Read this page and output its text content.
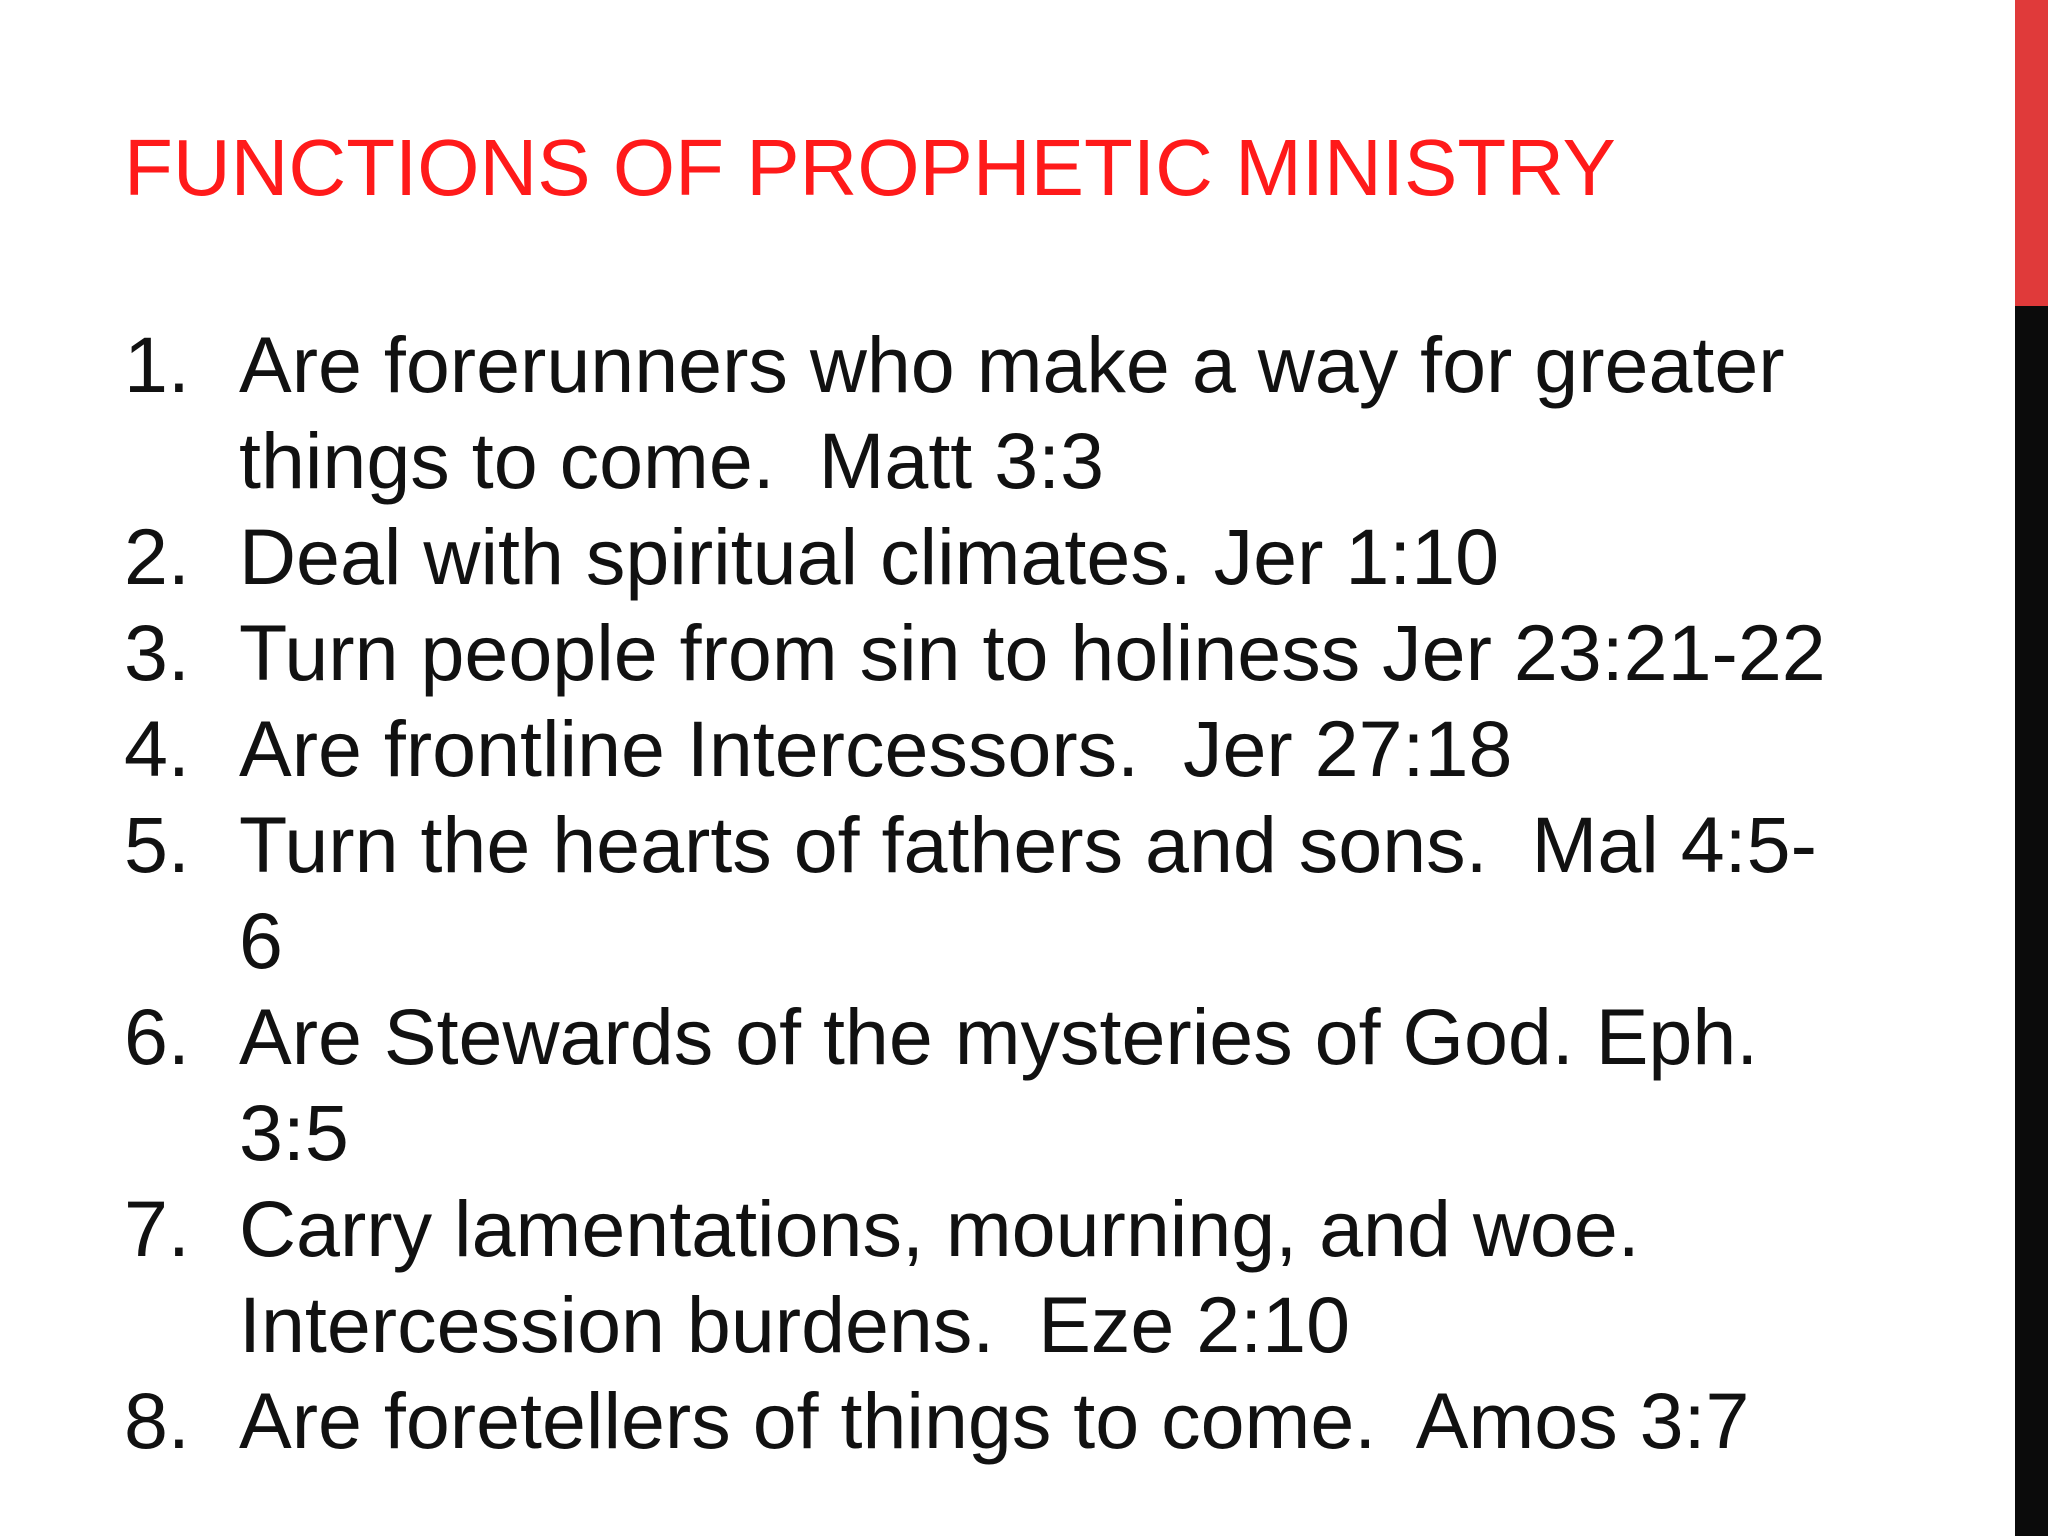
FUNCTIONS OF PROPHETIC MINISTRY
1. Are forerunners who make a way for greater
things to come.  Matt 3:3
2. Deal with spiritual climates. Jer 1:10
3. Turn people from sin to holiness Jer 23:21-22
4. Are frontline Intercessors.  Jer 27:18
5. Turn the hearts of fathers and sons.  Mal 4:5-
6
6. Are Stewards of the mysteries of God. Eph.
3:5
7. Carry lamentations, mourning, and woe.
Intercession burdens.  Eze 2:10
8. Are foretellers of things to come.  Amos 3:7
